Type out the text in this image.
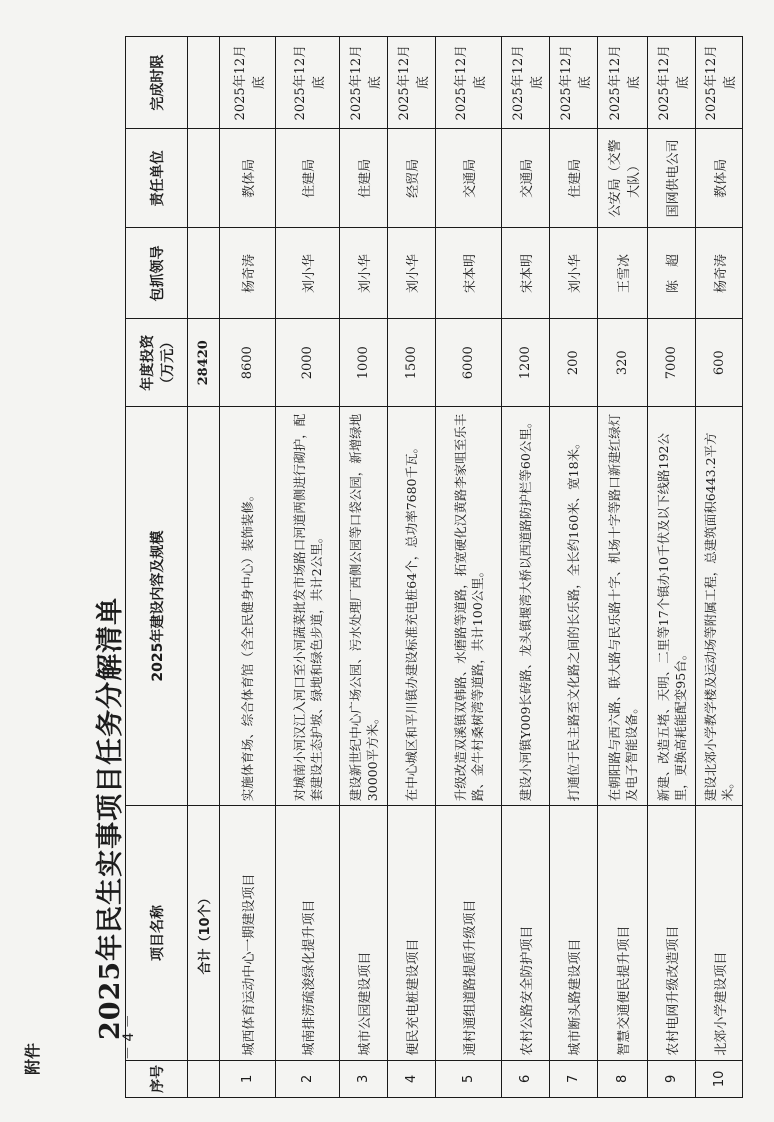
附件
2025年民生实事项目任务分解清单
－ 4 －
序号	项目名称	2025年建设内容及规模	年度投资（万元）	包抓领导	责任单位	完成时限
	合计（10个）		28420			
1	城西体育运动中心一期建设项目	实施体育场、综合体育馆（含全民健身中心）装饰装修。	8600	杨奇涛	教体局	2025年12月底
2	城南排涝疏浚绿化提升项目	对城南小河汉江入河口至小河蔬菜批发市场路口河道两侧进行砌护，配套建设生态护坡、绿地和绿色步道，共计2公里。	2000	刘小华	住建局	2025年12月底
3	城市公园建设项目	建设新世纪中心广场公园、污水处理厂西侧公园等口袋公园，新增绿地30000平方米。	1000	刘小华	住建局	2025年12月底
4	便民充电桩建设项目	在中心城区和平川镇办建设标准充电桩64个，总功率7680千瓦。	1500	刘小华	经贸局	2025年12月底
5	通村通组道路提质升级项目	升级改造双溪镇双韩路、水磨路等道路，拓宽硬化汉黄路李家咀至乐丰路、金牛村桑树湾等道路，共计100公里。	6000	宋本明	交通局	2025年12月底
6	农村公路安全防护项目	建设小河镇Y009长砖路、龙头镇堰湾大桥以西道路防护栏等60公里。	1200	宋本明	交通局	2025年12月底
7	城市断头路建设项目	打通位于民主路至文化路之间的长乐路，全长约160米、宽18米。	200	刘小华	住建局	2025年12月底
8	智慧交通便民提升项目	在朝阳路与西六路、联大路与民乐路十字、机场十字等路口新建红绿灯及电子智能设备。	320	王雪冰	公安局（交警大队）	2025年12月底
9	农村电网升级改造项目	新建、改造五堵、天明、二里等17个镇办10千伏及以下线路192公里，更换高耗能配变95台。	7000	陈　超	国网供电公司	2025年12月底
10	北郊小学建设项目	建设北郊小学教学楼及运动场等附属工程，总建筑面积6443.2平方米。	600	杨奇涛	教体局	2025年12月底
